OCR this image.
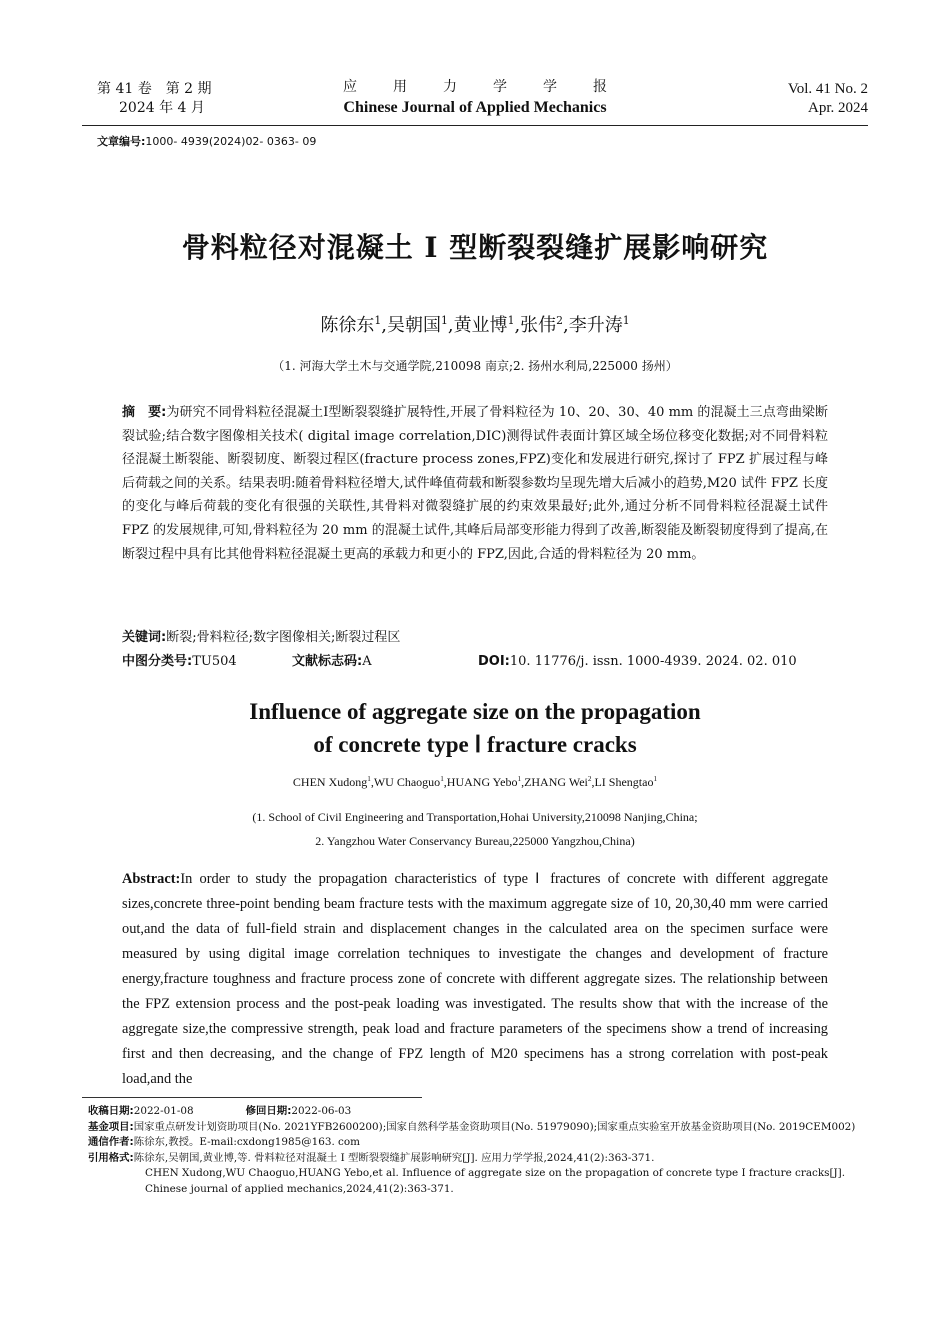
第 41 卷　第 2 期
2024 年 4 月
应用力学学报
Chinese Journal of Applied Mechanics
Vol. 41 No. 2
Apr. 2024
文章编号:1000- 4939(2024)02- 0363- 09
骨料粒径对混凝土 I 型断裂裂缝扩展影响研究
陈徐东$^1$,吴朝国$^1$,黄业博$^1$,张伟$^2$,李升涛$^1$
（1. 河海大学土木与交通学院,210098 南京;2. 扬州水利局,225000 扬州）
摘　要:为研究不同骨料粒径混凝土Ⅰ型断裂裂缝扩展特性,开展了骨料粒径为 10、20、30、40 mm 的混凝土三点弯曲梁断裂试验;结合数字图像相关技术( digital image correlation,DIC)测得试件表面计算区域全场位移变化数据;对不同骨料粒径混凝土断裂能、断裂韧度、断裂过程区(fracture process zones,FPZ)变化和发展进行研究,探讨了 FPZ 扩展过程与峰后荷载之间的关系。结果表明:随着骨料粒径增大,试件峰值荷载和断裂参数均呈现先增大后减小的趋势,M20 试件 FPZ 长度的变化与峰后荷载的变化有很强的关联性,其骨料对微裂缝扩展的约束效果最好;此外,通过分析不同骨料粒径混凝土试件 FPZ 的发展规律,可知,骨料粒径为 20 mm 的混凝土试件,其峰后局部变形能力得到了改善,断裂能及断裂韧度得到了提高,在断裂过程中具有比其他骨料粒径混凝土更高的承载力和更小的 FPZ,因此,合适的骨料粒径为 20 mm。
关键词:断裂;骨料粒径;数字图像相关;断裂过程区
中图分类号:TU504	文献标志码:A	DOI:10. 11776/j. issn. 1000-4939. 2024. 02. 010
Influence of aggregate size on the propagation
of concrete type Ⅰ fracture cracks
CHEN Xudong$^1$,WU Chaoguo$^1$,HUANG Yebo$^1$,ZHANG Wei$^2$,LI Shengtao$^1$
(1. School of Civil Engineering and Transportation,Hohai University,210098 Nanjing,China;
2. Yangzhou Water Conservancy Bureau,225000 Yangzhou,China)
Abstract:In order to study the propagation characteristics of type Ⅰ fractures of concrete with different aggregate sizes,concrete three-point bending beam fracture tests with the maximum aggregate size of 10, 20,30,40 mm were carried out,and the data of full-field strain and displacement changes in the calculated area on the specimen surface were measured by using digital image correlation techniques to investigate the changes and development of fracture energy,fracture toughness and fracture process zone of concrete with different aggregate sizes. The relationship between the FPZ extension process and the post-peak loading was investigated. The results show that with the increase of the aggregate size,the compressive strength, peak load and fracture parameters of the specimens show a trend of increasing first and then decreasing, and the change of FPZ length of M20 specimens has a strong correlation with post-peak load,and the
收稿日期:2022-01-08	修回日期:2022-06-03
基金项目:国家重点研发计划资助项目(No. 2021YFB2600200);国家自然科学基金资助项目(No. 51979090);国家重点实验室开放基金资助项目(No. 2019CEM002)
通信作者:陈徐东,教授。E-mail:cxdong1985@163. com
引用格式:陈徐东,吴朝国,黄业博,等. 骨料粒径对混凝土 I 型断裂裂缝扩展影响研究[J]. 应用力学学报,2024,41(2):363-371.
CHEN Xudong,WU Chaoguo,HUANG Yebo,et al. Influence of aggregate size on the propagation of concrete type Ⅰ fracture cracks[J]. Chinese journal of applied mechanics,2024,41(2):363-371.
